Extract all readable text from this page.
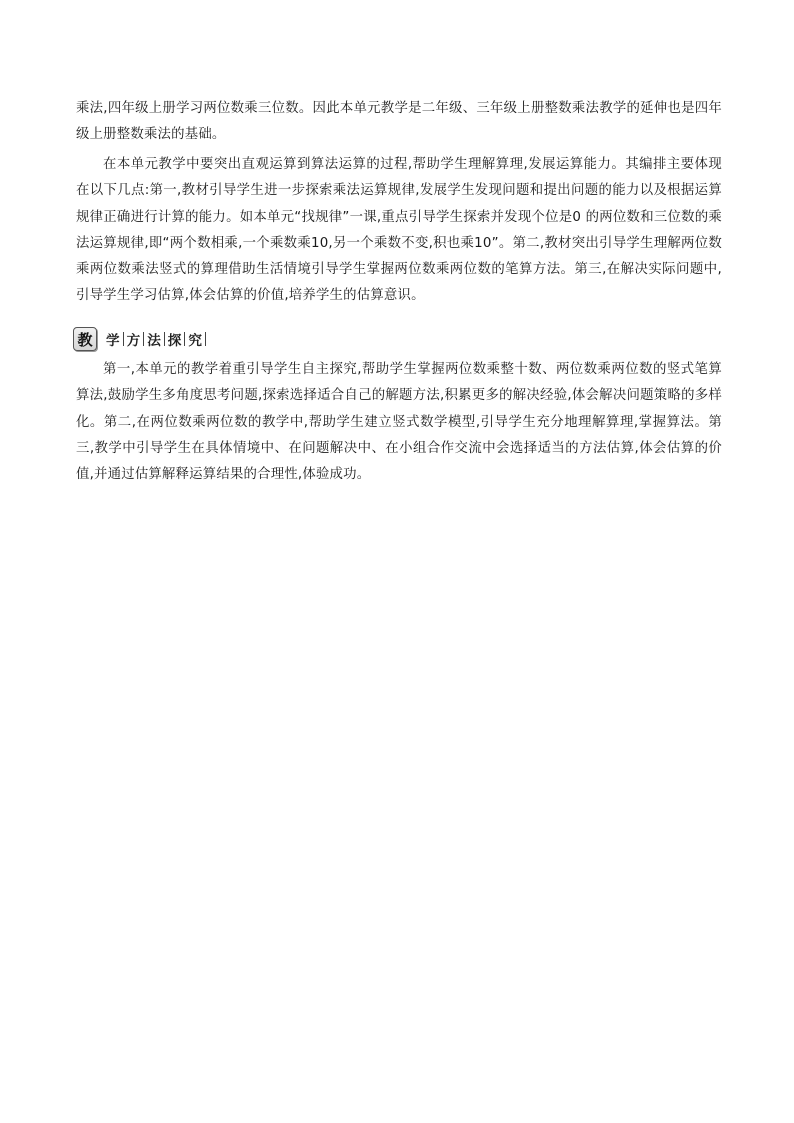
乘法,四年级上册学习两位数乘三位数。因此本单元教学是二年级、三年级上册整数乘法教学的延伸也是四年级上册整数乘法的基础。

在本单元教学中要突出直观运算到算法运算的过程,帮助学生理解算理,发展运算能力。其编排主要体现在以下几点:第一,教材引导学生进一步探索乘法运算规律,发展学生发现问题和提出问题的能力以及根据运算规律正确进行计算的能力。如本单元“找规律”一课,重点引导学生探索并发现个位是0 的两位数和三位数的乘法运算规律,即“两个数相乘,一个乘数乘10,另一个乘数不变,积也乘10”。第二,教材突出引导学生理解两位数乘两位数乘法竖式的算理借助生活情境引导学生掌握两位数乘两位数的笔算方法。第三,在解决实际问题中,引导学生学习估算,体会估算的价值,培养学生的估算意识。

教 学 方 法 探 究

第一,本单元的教学着重引导学生自主探究,帮助学生掌握两位数乘整十数、两位数乘两位数的竖式笔算算法,鼓励学生多角度思考问题,探索选择适合自己的解题方法,积累更多的解决经验,体会解决问题策略的多样化。第二,在两位数乘两位数的教学中,帮助学生建立竖式数学模型,引导学生充分地理解算理,掌握算法。第三,教学中引导学生在具体情境中、在问题解决中、在小组合作交流中会选择适当的方法估算,体会估算的价值,并通过估算解释运算结果的合理性,体验成功。
